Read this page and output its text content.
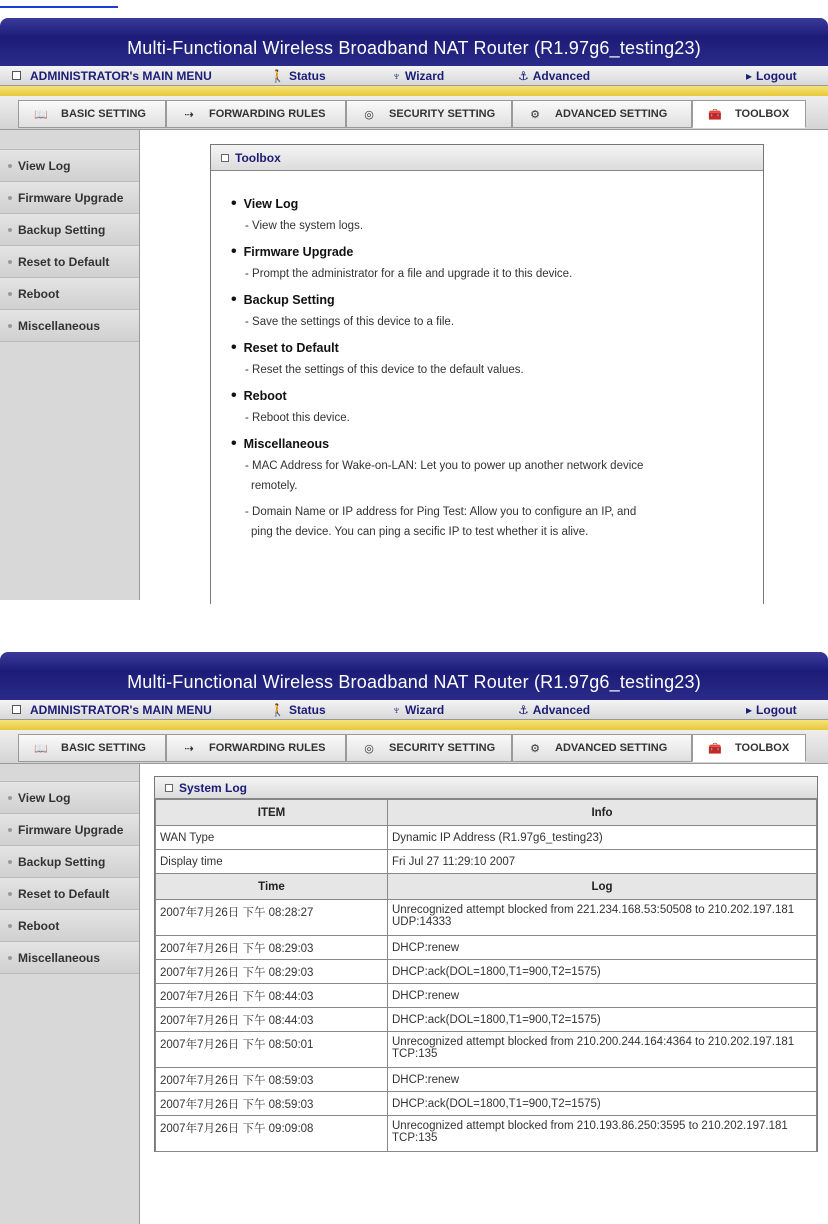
Multi-Functional Wireless Broadband NAT Router (R1.97g6_testing23)
ADMINISTRATOR's MAIN MENU	🚶 Status	♆ Wizard	⚓ Advanced	▸ Logout
📖	BASIC SETTING	⇢	FORWARDING RULES	◎	SECURITY SETTING	⚙	ADVANCED SETTING	🧰	TOOLBOX
View Log
Firmware Upgrade
Backup Setting
Reset to Default
Reboot
Miscellaneous
Toolbox
• View Log
- View the system logs.
• Firmware Upgrade
- Prompt the administrator for a file and upgrade it to this device.
• Backup Setting
- Save the settings of this device to a file.
• Reset to Default
- Reset the settings of this device to the default values.
• Reboot
- Reboot this device.
• Miscellaneous
- MAC Address for Wake-on-LAN: Let you to power up another network device
remotely.
- Domain Name or IP address for Ping Test: Allow you to configure an IP, and
ping the device. You can ping a secific IP to test whether it is alive.
Multi-Functional Wireless Broadband NAT Router (R1.97g6_testing23)
ADMINISTRATOR's MAIN MENU	🚶 Status	♆ Wizard	⚓ Advanced	▸ Logout
📖	BASIC SETTING	⇢	FORWARDING RULES	◎	SECURITY SETTING	⚙	ADVANCED SETTING	🧰	TOOLBOX
View Log
Firmware Upgrade
Backup Setting
Reset to Default
Reboot
Miscellaneous
System Log
ITEM	Info
WAN Type	Dynamic IP Address (R1.97g6_testing23)
Display time	Fri Jul 27 11:29:10 2007
Time	Log
2007年7月26日 下午 08:28:27	Unrecognized attempt blocked from 221.234.168.53:50508 to 210.202.197.181 UDP:14333
2007年7月26日 下午 08:29:03	DHCP:renew
2007年7月26日 下午 08:29:03	DHCP:ack(DOL=1800,T1=900,T2=1575)
2007年7月26日 下午 08:44:03	DHCP:renew
2007年7月26日 下午 08:44:03	DHCP:ack(DOL=1800,T1=900,T2=1575)
2007年7月26日 下午 08:50:01	Unrecognized attempt blocked from 210.200.244.164:4364 to 210.202.197.181 TCP:135
2007年7月26日 下午 08:59:03	DHCP:renew
2007年7月26日 下午 08:59:03	DHCP:ack(DOL=1800,T1=900,T2=1575)
2007年7月26日 下午 09:09:08	Unrecognized attempt blocked from 210.193.86.250:3595 to 210.202.197.181 TCP:135
